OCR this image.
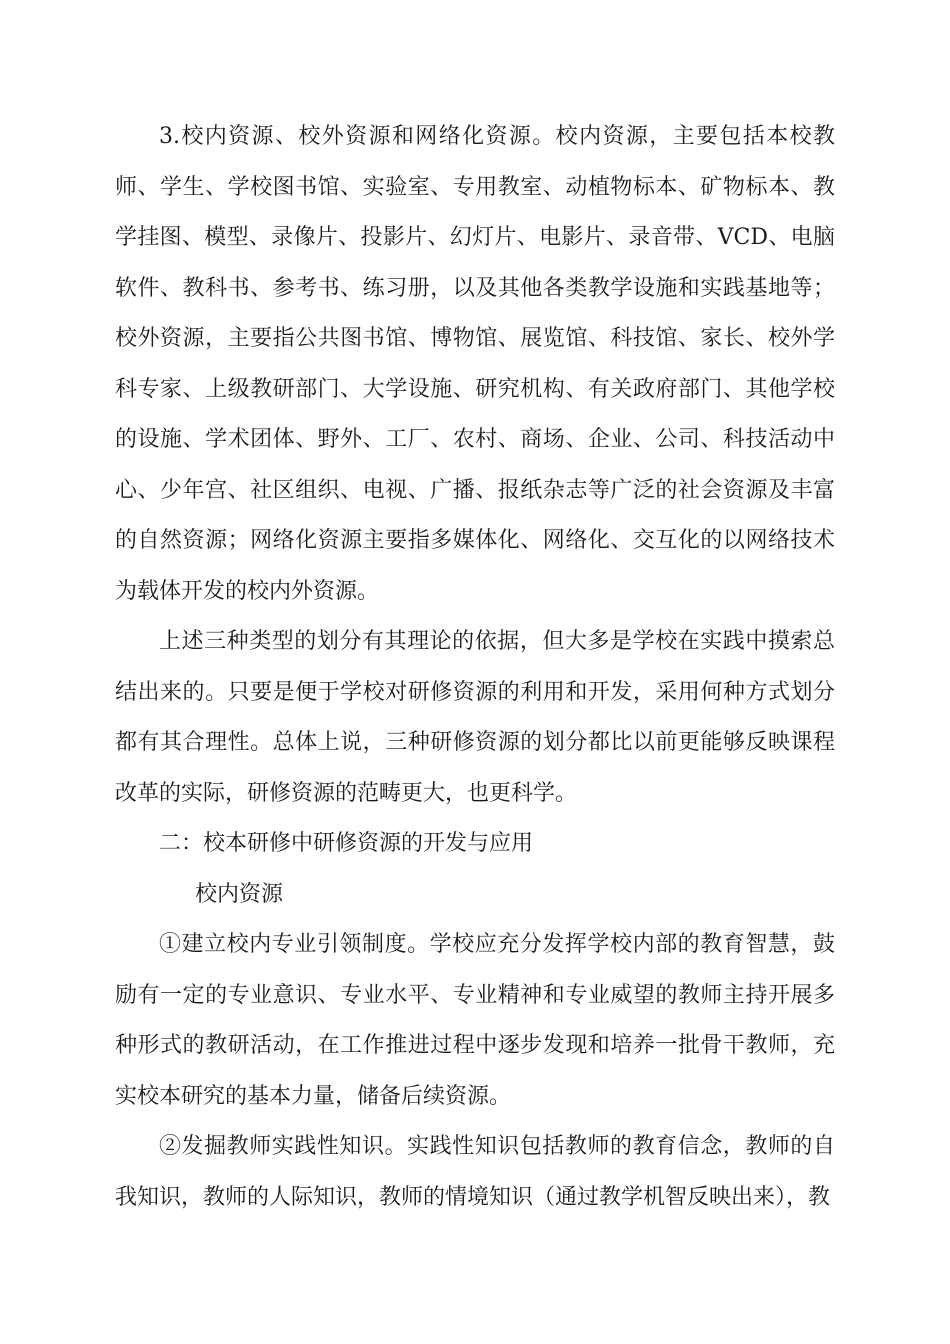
3.校内资源、校外资源和网络化资源。校内资源，主要包括本校教师、学生、学校图书馆、实验室、专用教室、动植物标本、矿物标本、教学挂图、模型、录像片、投影片、幻灯片、电影片、录音带、VCD、电脑软件、教科书、参考书、练习册，以及其他各类教学设施和实践基地等；校外资源，主要指公共图书馆、博物馆、展览馆、科技馆、家长、校外学科专家、上级教研部门、大学设施、研究机构、有关政府部门、其他学校的设施、学术团体、野外、工厂、农村、商场、企业、公司、科技活动中心、少年宫、社区组织、电视、广播、报纸杂志等广泛的社会资源及丰富的自然资源；网络化资源主要指多媒体化、网络化、交互化的以网络技术为载体开发的校内外资源。

上述三种类型的划分有其理论的依据，但大多是学校在实践中摸索总结出来的。只要是便于学校对研修资源的利用和开发，采用何种方式划分都有其合理性。总体上说，三种研修资源的划分都比以前更能够反映课程改革的实际，研修资源的范畴更大，也更科学。

二：校本研修中研修资源的开发与应用

校内资源

①建立校内专业引领制度。学校应充分发挥学校内部的教育智慧，鼓励有一定的专业意识、专业水平、专业精神和专业威望的教师主持开展多种形式的教研活动，在工作推进过程中逐步发现和培养一批骨干教师，充实校本研究的基本力量，储备后续资源。

②发掘教师实践性知识。实践性知识包括教师的教育信念，教师的自我知识，教师的人际知识，教师的情境知识（通过教学机智反映出来），教
